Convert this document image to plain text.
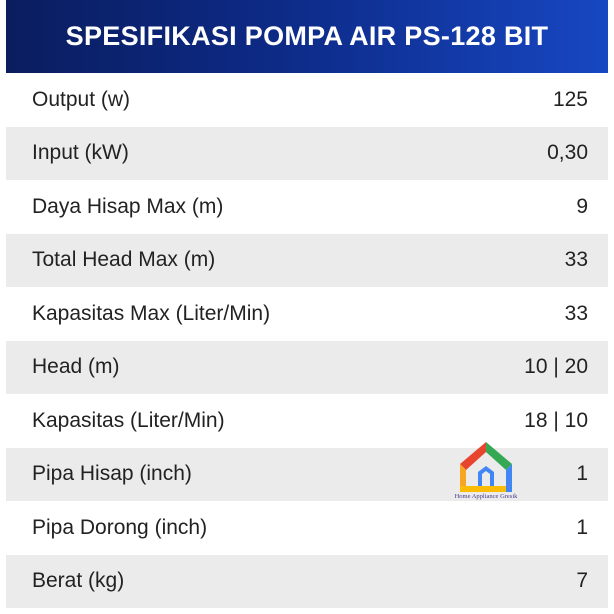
SPESIFIKASI POMPA AIR PS-128 BIT
Output (w)	125
Input (kW)	0,30
Daya Hisap Max (m)	9
Total Head Max (m)	33
Kapasitas Max (Liter/Min)	33
Head (m)	10 | 20
Kapasitas (Liter/Min)	18 | 10
Pipa Hisap (inch)	1
Pipa Dorong (inch)	1
Berat (kg)	7
Home Appliance Gresik
